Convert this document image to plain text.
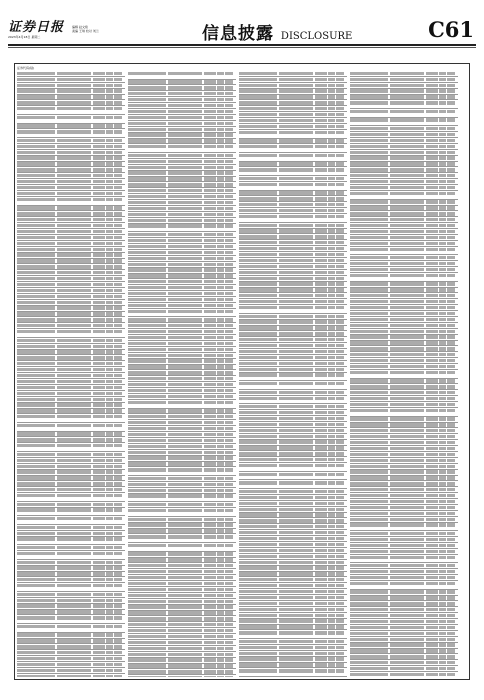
证券日报
2023年4月18日 星期二
编辑 赵文艳
美编 王琪 校对 刘兰	信息披露 DISCLOSURE	C61
证券代码(续)
